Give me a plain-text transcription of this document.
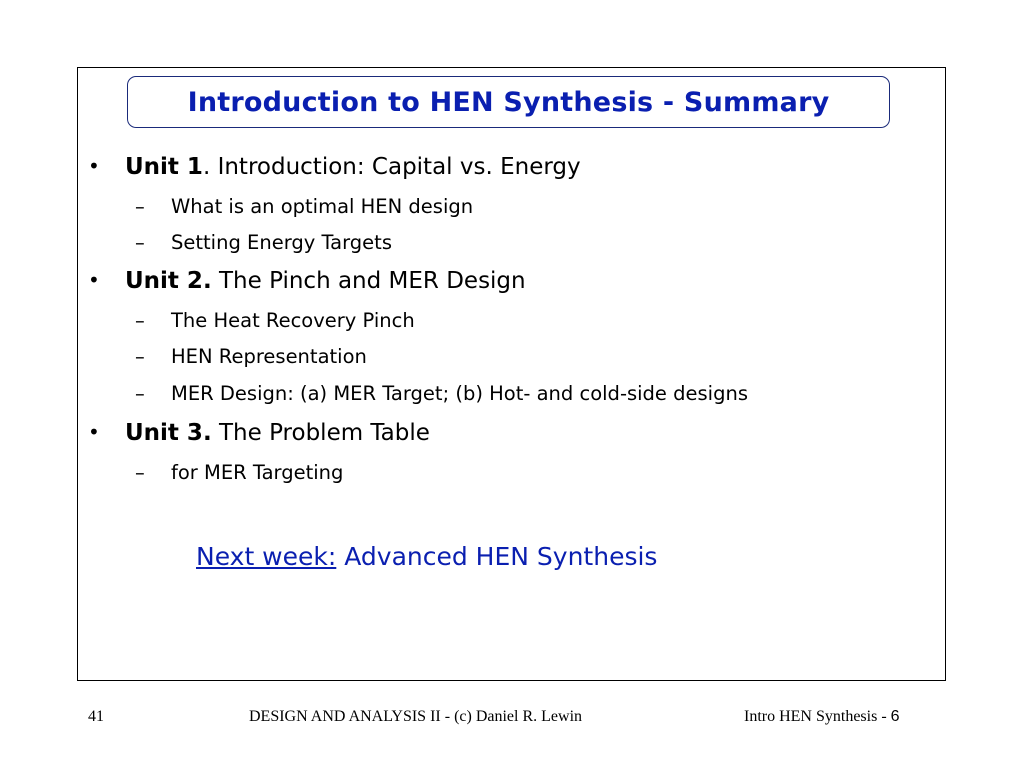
Introduction to HEN Synthesis - Summary
• Unit 1. Introduction: Capital vs. Energy
– What is an optimal HEN design
– Setting Energy Targets
• Unit 2. The Pinch and MER Design
– The Heat Recovery Pinch
– HEN Representation
– MER Design: (a) MER Target; (b) Hot- and cold-side designs
• Unit 3. The Problem Table
– for MER Targeting
Next week: Advanced HEN Synthesis
41	DESIGN AND ANALYSIS II - (c) Daniel R. Lewin	Intro HEN Synthesis - 6
